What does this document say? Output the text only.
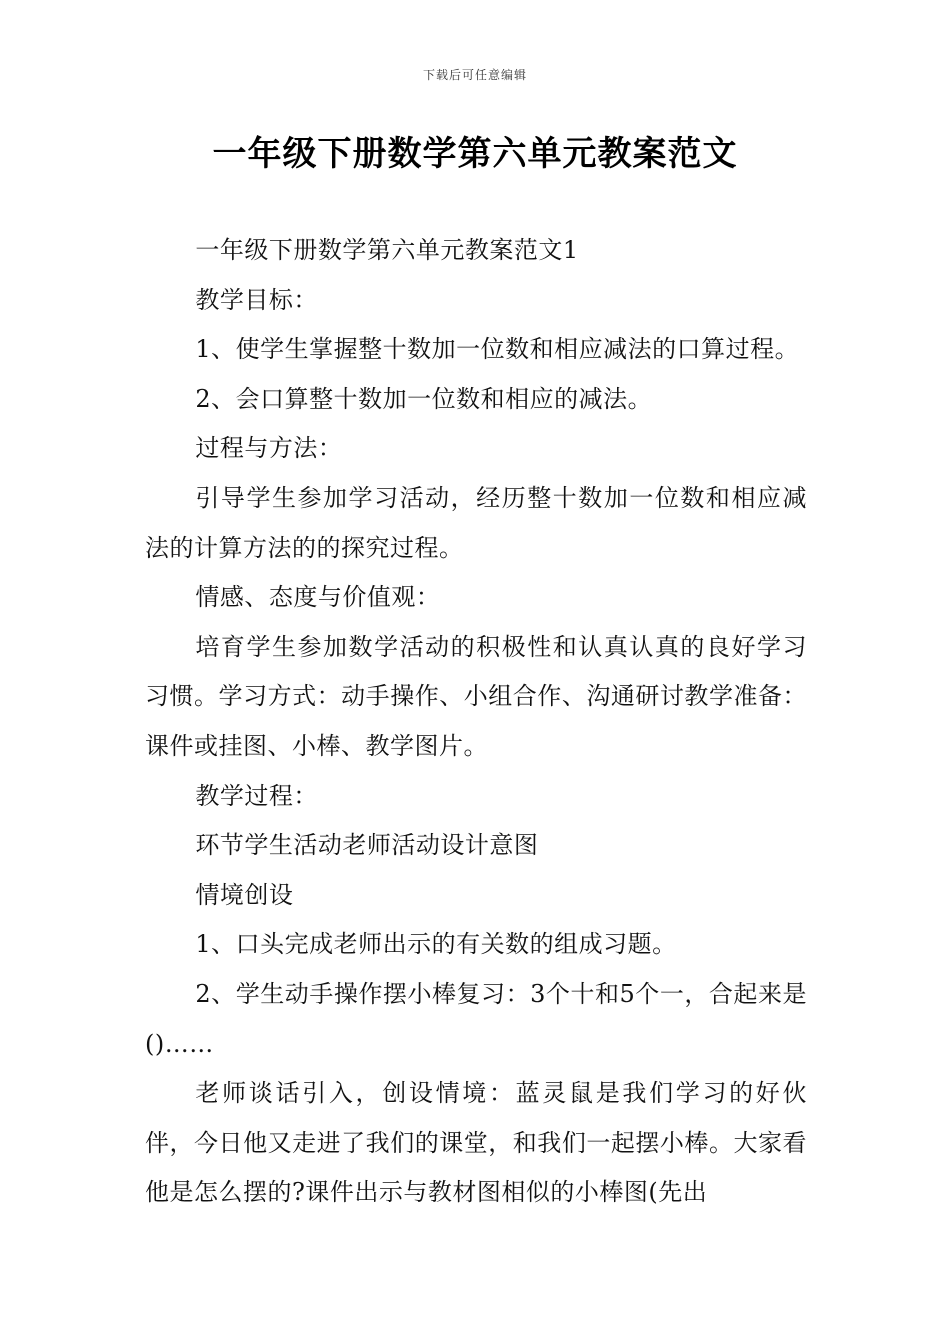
下载后可任意编辑
一年级下册数学第六单元教案范文

一年级下册数学第六单元教案范文1

教学目标：

1、使学生掌握整十数加一位数和相应减法的口算过程。

2、会口算整十数加一位数和相应的减法。

过程与方法：

引导学生参加学习活动，经历整十数加一位数和相应减法的计算方法的的探究过程。

情感、态度与价值观：

培育学生参加数学活动的积极性和认真认真的良好学习习惯。学习方式：动手操作、小组合作、沟通研讨教学准备：课件或挂图、小棒、教学图片。

教学过程：

环节学生活动老师活动设计意图

情境创设

1、口头完成老师出示的有关数的组成习题。

2、学生动手操作摆小棒复习：3个十和5个一，合起来是()……

老师谈话引入，创设情境：蓝灵鼠是我们学习的好伙伴，今日他又走进了我们的课堂，和我们一起摆小棒。大家看他是怎么摆的?课件出示与教材图相似的小棒图(先出
